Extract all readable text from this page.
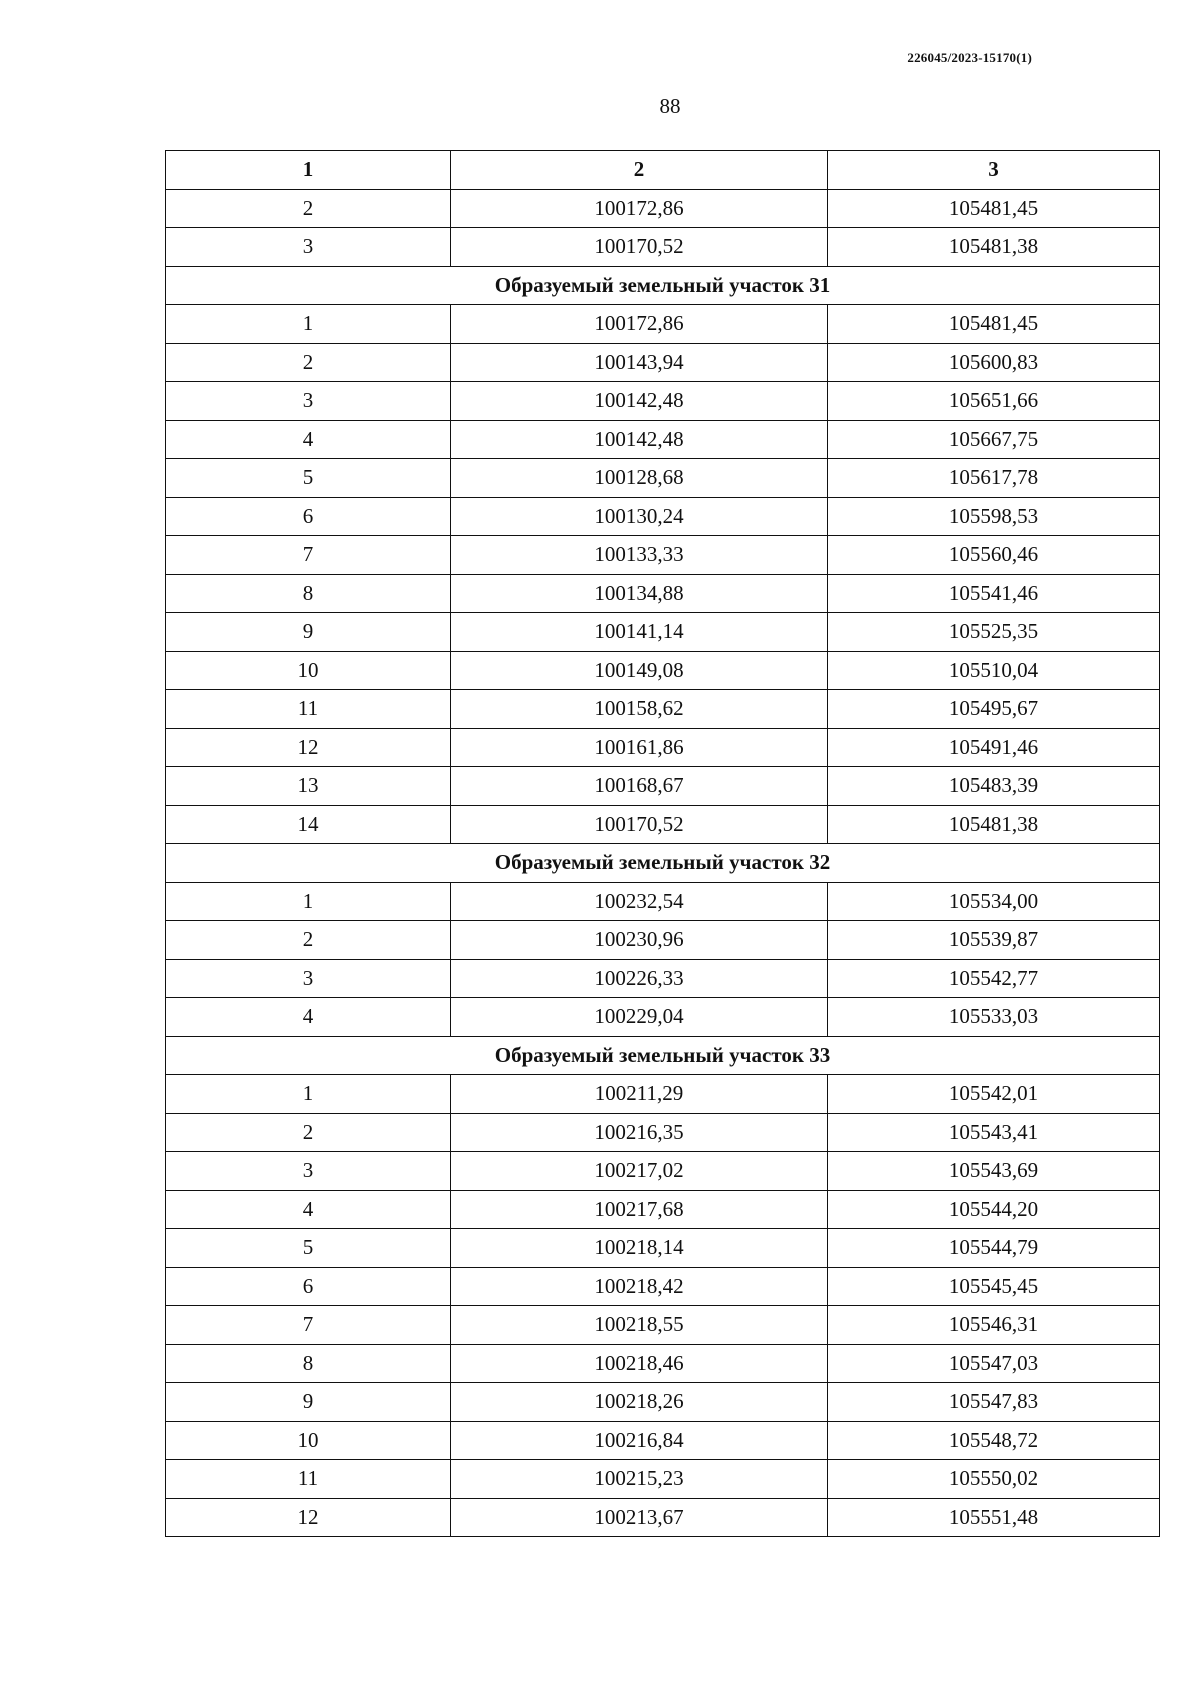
226045/2023-15170(1)
88
1	2	3
2	100172,86	105481,45
3	100170,52	105481,38
Образуемый земельный участок 31		
1	100172,86	105481,45
2	100143,94	105600,83
3	100142,48	105651,66
4	100142,48	105667,75
5	100128,68	105617,78
6	100130,24	105598,53
7	100133,33	105560,46
8	100134,88	105541,46
9	100141,14	105525,35
10	100149,08	105510,04
11	100158,62	105495,67
12	100161,86	105491,46
13	100168,67	105483,39
14	100170,52	105481,38
Образуемый земельный участок 32		
1	100232,54	105534,00
2	100230,96	105539,87
3	100226,33	105542,77
4	100229,04	105533,03
Образуемый земельный участок 33		
1	100211,29	105542,01
2	100216,35	105543,41
3	100217,02	105543,69
4	100217,68	105544,20
5	100218,14	105544,79
6	100218,42	105545,45
7	100218,55	105546,31
8	100218,46	105547,03
9	100218,26	105547,83
10	100216,84	105548,72
11	100215,23	105550,02
12	100213,67	105551,48
